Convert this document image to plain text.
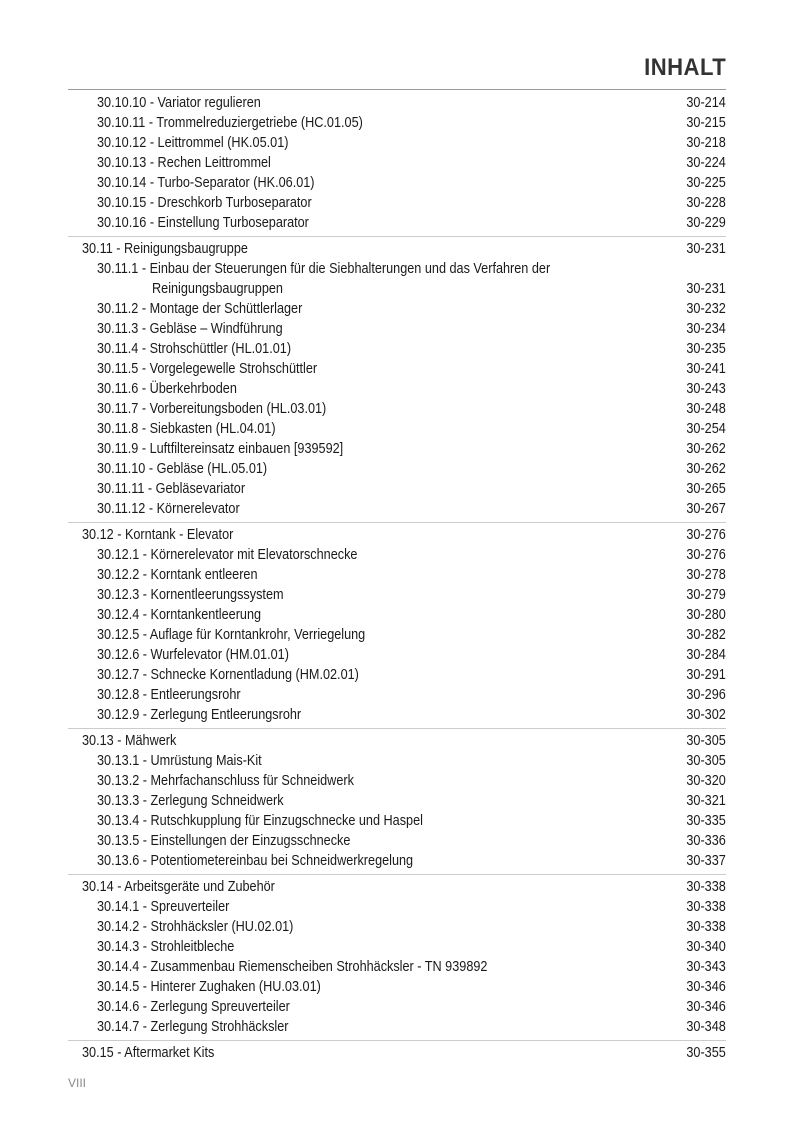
INHALT
30.10.10 - Variator regulieren	30-214
30.10.11 - Trommelreduziergetriebe (HC.01.05)	30-215
30.10.12 - Leittrommel (HK.05.01)	30-218
30.10.13 - Rechen Leittrommel	30-224
30.10.14 - Turbo-Separator (HK.06.01)	30-225
30.10.15 - Dreschkorb Turboseparator	30-228
30.10.16 - Einstellung Turboseparator	30-229
30.11 - Reinigungsbaugruppe	30-231
30.11.1 - Einbau der Steuerungen für die Siebhalterungen und das Verfahren der
Reinigungsbaugruppen	30-231
30.11.2 - Montage der Schüttlerlager	30-232
30.11.3 - Gebläse – Windführung	30-234
30.11.4 - Strohschüttler (HL.01.01)	30-235
30.11.5 - Vorgelegewelle Strohschüttler	30-241
30.11.6 - Überkehrboden	30-243
30.11.7 - Vorbereitungsboden (HL.03.01)	30-248
30.11.8 - Siebkasten (HL.04.01)	30-254
30.11.9 - Luftfiltereinsatz einbauen [939592]	30-262
30.11.10 - Gebläse (HL.05.01)	30-262
30.11.11 - Gebläsevariator	30-265
30.11.12 - Körnerelevator	30-267
30.12 - Korntank - Elevator	30-276
30.12.1 - Körnerelevator mit Elevatorschnecke	30-276
30.12.2 - Korntank entleeren	30-278
30.12.3 - Kornentleerungssystem	30-279
30.12.4 - Korntankentleerung	30-280
30.12.5 - Auflage für Korntankrohr, Verriegelung	30-282
30.12.6 - Wurfelevator (HM.01.01)	30-284
30.12.7 - Schnecke Kornentladung (HM.02.01)	30-291
30.12.8 - Entleerungsrohr	30-296
30.12.9 - Zerlegung Entleerungsrohr	30-302
30.13 - Mähwerk	30-305
30.13.1 - Umrüstung Mais-Kit	30-305
30.13.2 - Mehrfachanschluss für Schneidwerk	30-320
30.13.3 - Zerlegung Schneidwerk	30-321
30.13.4 - Rutschkupplung für Einzugschnecke und Haspel	30-335
30.13.5 - Einstellungen der Einzugsschnecke	30-336
30.13.6 - Potentiometereinbau bei Schneidwerkregelung	30-337
30.14 - Arbeitsgeräte und Zubehör	30-338
30.14.1 - Spreuverteiler	30-338
30.14.2 - Strohhäcksler (HU.02.01)	30-338
30.14.3 - Strohleitbleche	30-340
30.14.4 - Zusammenbau Riemenscheiben Strohhäcksler - TN 939892	30-343
30.14.5 - Hinterer Zughaken (HU.03.01)	30-346
30.14.6 - Zerlegung Spreuverteiler	30-346
30.14.7 - Zerlegung Strohhäcksler	30-348
30.15 - Aftermarket Kits	30-355
VIII
